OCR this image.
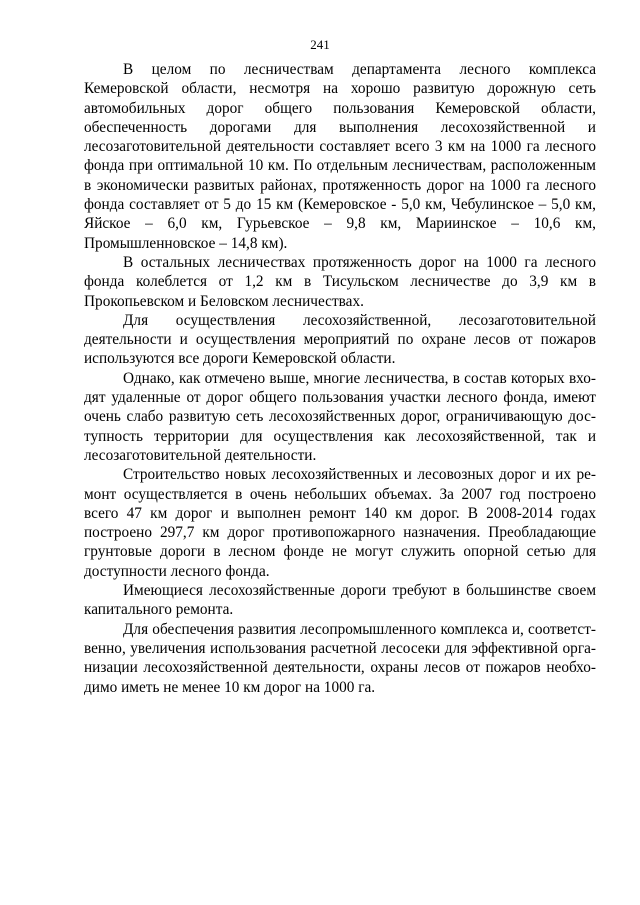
241

В целом по лесничествам департамента лесного комплекса Кемеровской области, несмотря на хорошо развитую дорожную сеть автомобильных дорог общего пользования Кемеровской области, обеспеченность дорогами для выполнения лесохозяйственной и лесозаготовительной деятельности составляет всего 3 км на 1000 га лесного фонда при оптимальной 10 км. По отдельным лесничествам, расположенным в экономически развитых районах, протяженность дорог на 1000 га лесного фонда составляет от 5 до 15 км (Кемеровское - 5,0 км, Чебулинское – 5,0 км, Яйское – 6,0 км, Гурьевское – 9,8 км, Мариинское – 10,6 км, Промышленновское – 14,8 км).

В остальных лесничествах протяженность дорог на 1000 га лесного фонда колеблется от 1,2 км в Тисульском лесничестве до 3,9 км в Прокопьевском и Беловском лесничествах.

Для осуществления лесохозяйственной, лесозаготовительной деятельности и осуществления мероприятий по охране лесов от пожаров используются все дороги Кемеровской области.

Однако, как отмечено выше, многие лесничества, в состав которых входят удаленные от дорог общего пользования участки лесного фонда, имеют очень слабо развитую сеть лесохозяйственных дорог, ограничивающую доступность территории для осуществления как лесохозяйственной, так и лесозаготовительной деятельности.

Строительство новых лесохозяйственных и лесовозных дорог и их ремонт осуществляется в очень небольших объемах. За 2007 год построено всего 47 км дорог и выполнен ремонт 140 км дорог. В 2008-2014 годах построено 297,7 км дорог противопожарного назначения. Преобладающие грунтовые дороги в лесном фонде не могут служить опорной сетью для доступности лесного фонда.

Имеющиеся лесохозяйственные дороги требуют в большинстве своем капитального ремонта.

Для обеспечения развития лесопромышленного комплекса и, соответственно, увеличения использования расчетной лесосеки для эффективной организации лесохозяйственной деятельности, охраны лесов от пожаров необходимо иметь не менее 10 км дорог на 1000 га.
